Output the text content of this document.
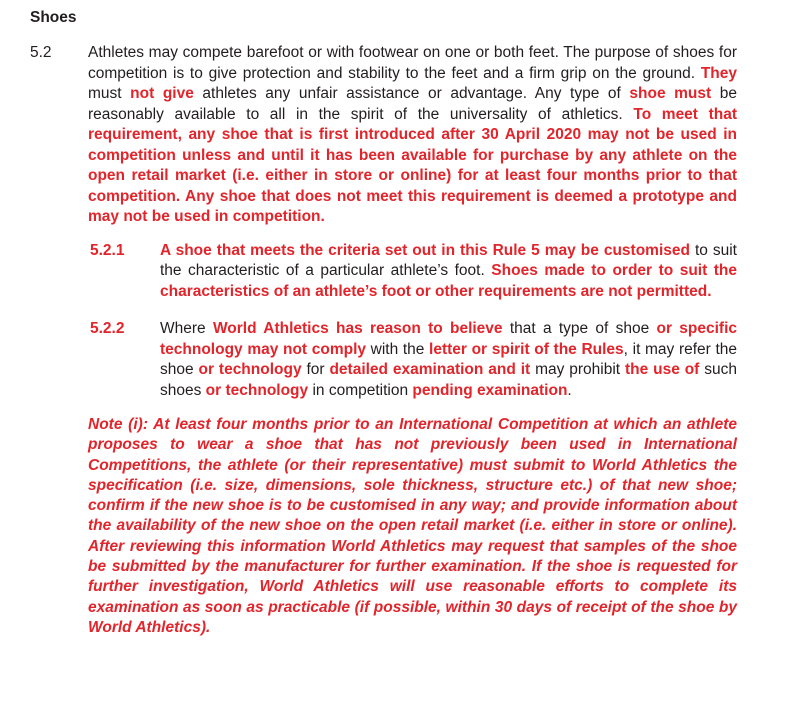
Shoes
5.2	Athletes may compete barefoot or with footwear on one or both feet. The purpose of shoes for competition is to give protection and stability to the feet and a firm grip on the ground. They must not give athletes any unfair assistance or advantage. Any type of shoe must be reasonably available to all in the spirit of the universality of athletics. To meet that requirement, any shoe that is first introduced after 30 April 2020 may not be used in competition unless and until it has been available for purchase by any athlete on the open retail market (i.e. either in store or online) for at least four months prior to that competition. Any shoe that does not meet this requirement is deemed a prototype and may not be used in competition.
5.2.1	A shoe that meets the criteria set out in this Rule 5 may be customised to suit the characteristic of a particular athlete’s foot. Shoes made to order to suit the characteristics of an athlete’s foot or other requirements are not permitted.
5.2.2	Where World Athletics has reason to believe that a type of shoe or specific technology may not comply with the letter or spirit of the Rules, it may refer the shoe or technology for detailed examination and it may prohibit the use of such shoes or technology in competition pending examination.
Note (i): At least four months prior to an International Competition at which an athlete proposes to wear a shoe that has not previously been used in International Competitions, the athlete (or their representative) must submit to World Athletics the specification (i.e. size, dimensions, sole thickness, structure etc.) of that new shoe; confirm if the new shoe is to be customised in any way; and provide information about the availability of the new shoe on the open retail market (i.e. either in store or online). After reviewing this information World Athletics may request that samples of the shoe be submitted by the manufacturer for further examination. If the shoe is requested for further investigation, World Athletics will use reasonable efforts to complete its examination as soon as practicable (if possible, within 30 days of receipt of the shoe by World Athletics).
